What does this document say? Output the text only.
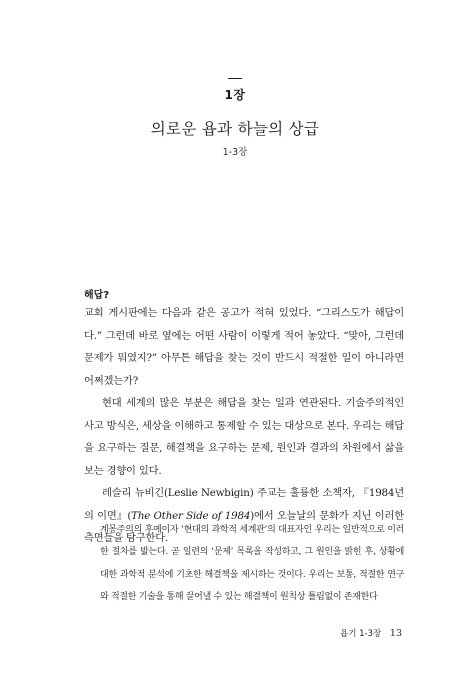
1장
의로운 욥과 하늘의 상급
1-3장
해답?

교회 게시판에는 다음과 같은 공고가 적혀 있었다. “그리스도가 해답이다.” 그런데 바로 옆에는 어떤 사람이 이렇게 적어 놓았다. “맞아, 그런데 문제가 뭐였지?” 아무튼 해답을 찾는 것이 반드시 적절한 일이 아니라면 어쩌겠는가?

현대 세계의 많은 부분은 해답을 찾는 일과 연관된다. 기술주의적인 사고 방식은, 세상을 이해하고 통제할 수 있는 대상으로 본다. 우리는 해답을 요구하는 질문, 해결책을 요구하는 문제, 원인과 결과의 차원에서 삶을 보는 경향이 있다.

레슬리 뉴비긴(Leslie Newbigin) 주교는 훌륭한 소책자, 『1984년의 이면』(The Other Side of 1984)에서 오늘날의 문화가 지닌 이러한 측면들을 탐구한다.

계몽주의의 후예이자 ‘현대의 과학적 세계관’의 대표자인 우리는 일반적으로 이러한 절차를 밟는다. 곧 일련의 ‘문제’ 목록을 작성하고, 그 원인을 밝힌 후, 상황에 대한 과학적 분석에 기초한 해결책을 제시하는 것이다. 우리는 보통, 적절한 연구와 적절한 기술을 통해 끌어낼 수 있는 해결책이 원칙상 틀림없이 존재한다

욥기 1-3장 13
